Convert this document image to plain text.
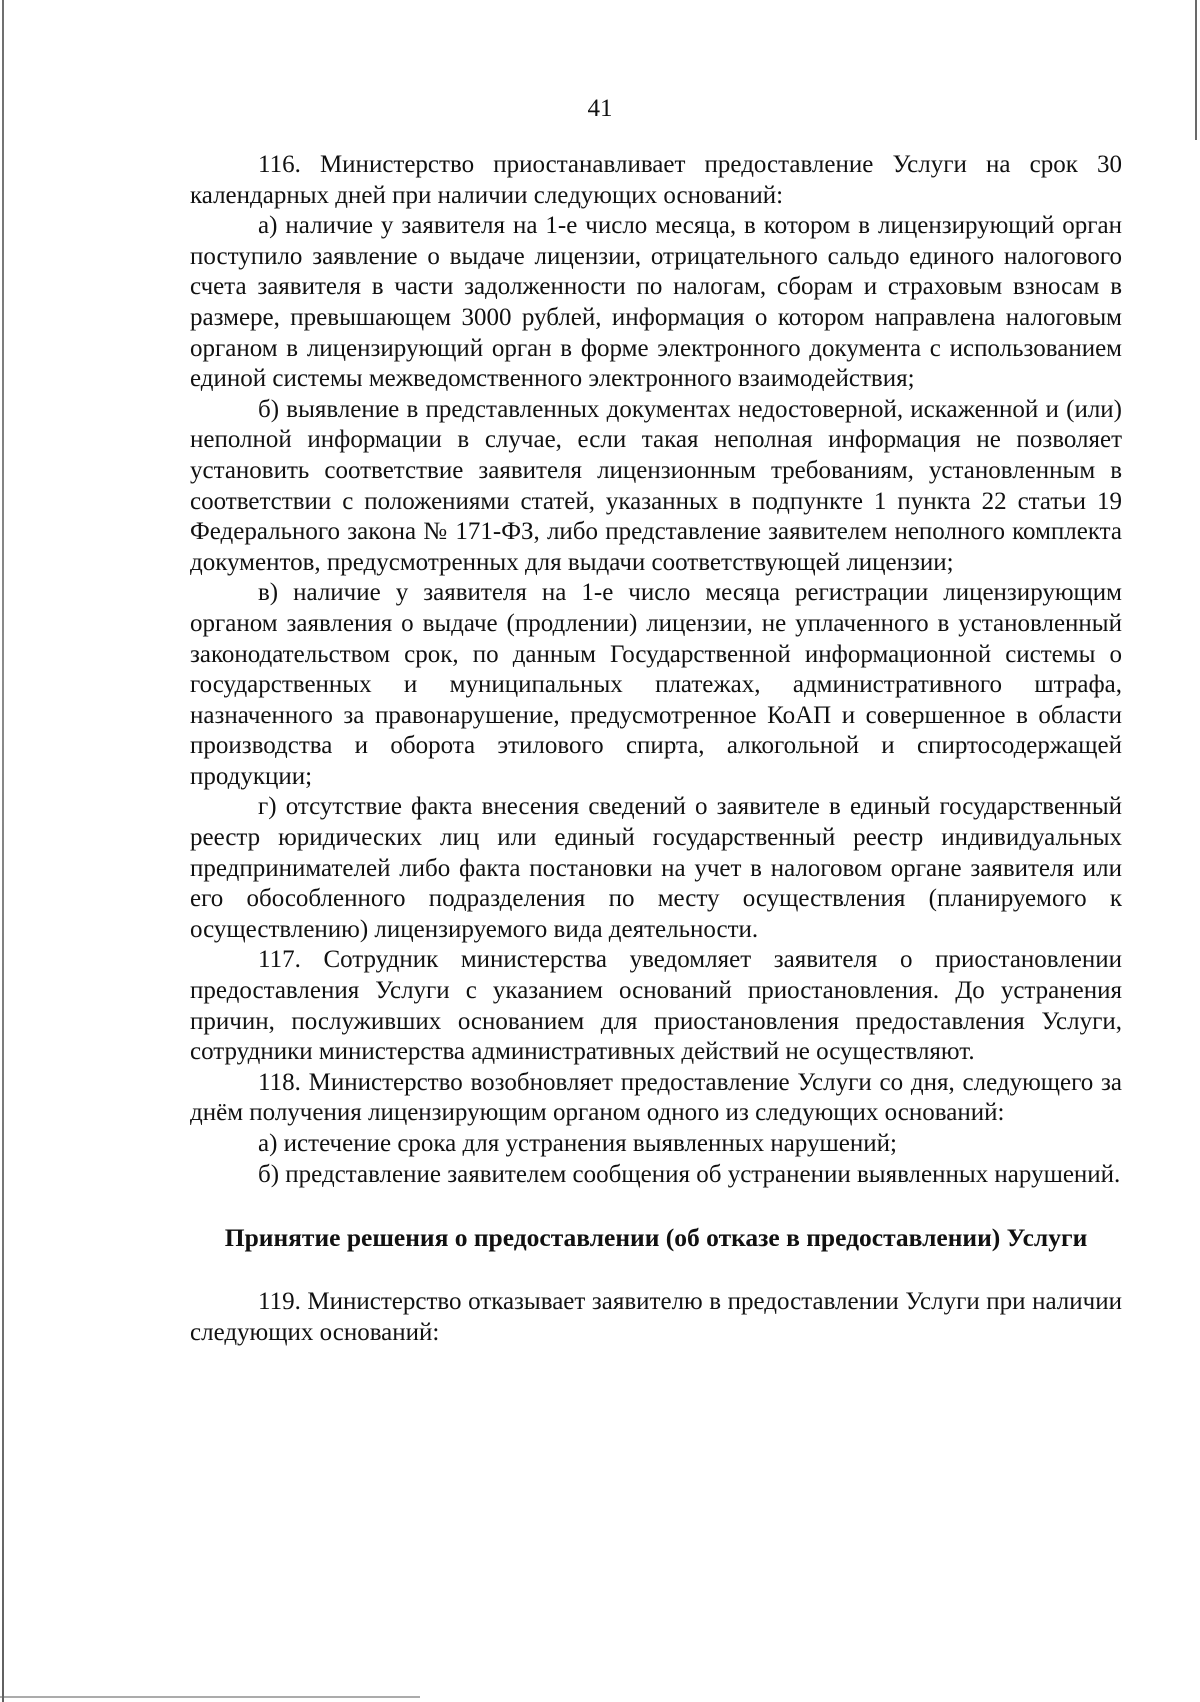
41

116. Министерство приостанавливает предоставление Услуги на срок 30 календарных дней при наличии следующих оснований:

а) наличие у заявителя на 1-е число месяца, в котором в лицензирующий орган поступило заявление о выдаче лицензии, отрицательного сальдо единого налогового счета заявителя в части задолженности по налогам, сборам и страховым взносам в размере, превышающем 3000 рублей, информация о котором направлена налоговым органом в лицензирующий орган в форме электронного документа с использованием единой системы межведомственного электронного взаимодействия;

б) выявление в представленных документах недостоверной, искаженной и (или) неполной информации в случае, если такая неполная информация не позволяет установить соответствие заявителя лицензионным требованиям, установленным в соответствии с положениями статей, указанных в подпункте 1 пункта 22 статьи 19 Федерального закона № 171-ФЗ, либо представление заявителем неполного комплекта документов, предусмотренных для выдачи соответствующей лицензии;

в) наличие у заявителя на 1-е число месяца регистрации лицензирующим органом заявления о выдаче (продлении) лицензии, не уплаченного в установленный законодательством срок, по данным Государственной информационной системы о государственных и муниципальных платежах, административного штрафа, назначенного за правонарушение, предусмотренное КоАП и совершенное в области производства и оборота этилового спирта, алкогольной и спиртосодержащей продукции;

г) отсутствие факта внесения сведений о заявителе в единый государственный реестр юридических лиц или единый государственный реестр индивидуальных предпринимателей либо факта постановки на учет в налоговом органе заявителя или его обособленного подразделения по месту осуществления (планируемого к осуществлению) лицензируемого вида деятельности.

117. Сотрудник министерства уведомляет заявителя о приостановлении предоставления Услуги с указанием оснований приостановления. До устранения причин, послуживших основанием для приостановления предоставления Услуги, сотрудники министерства административных действий не осуществляют.

118. Министерство возобновляет предоставление Услуги со дня, следующего за днём получения лицензирующим органом одного из следующих оснований:

а) истечение срока для устранения выявленных нарушений;

б) представление заявителем сообщения об устранении выявленных нарушений.

Принятие решения о предоставлении (об отказе в предоставлении) Услуги

119. Министерство отказывает заявителю в предоставлении Услуги при наличии следующих оснований:
